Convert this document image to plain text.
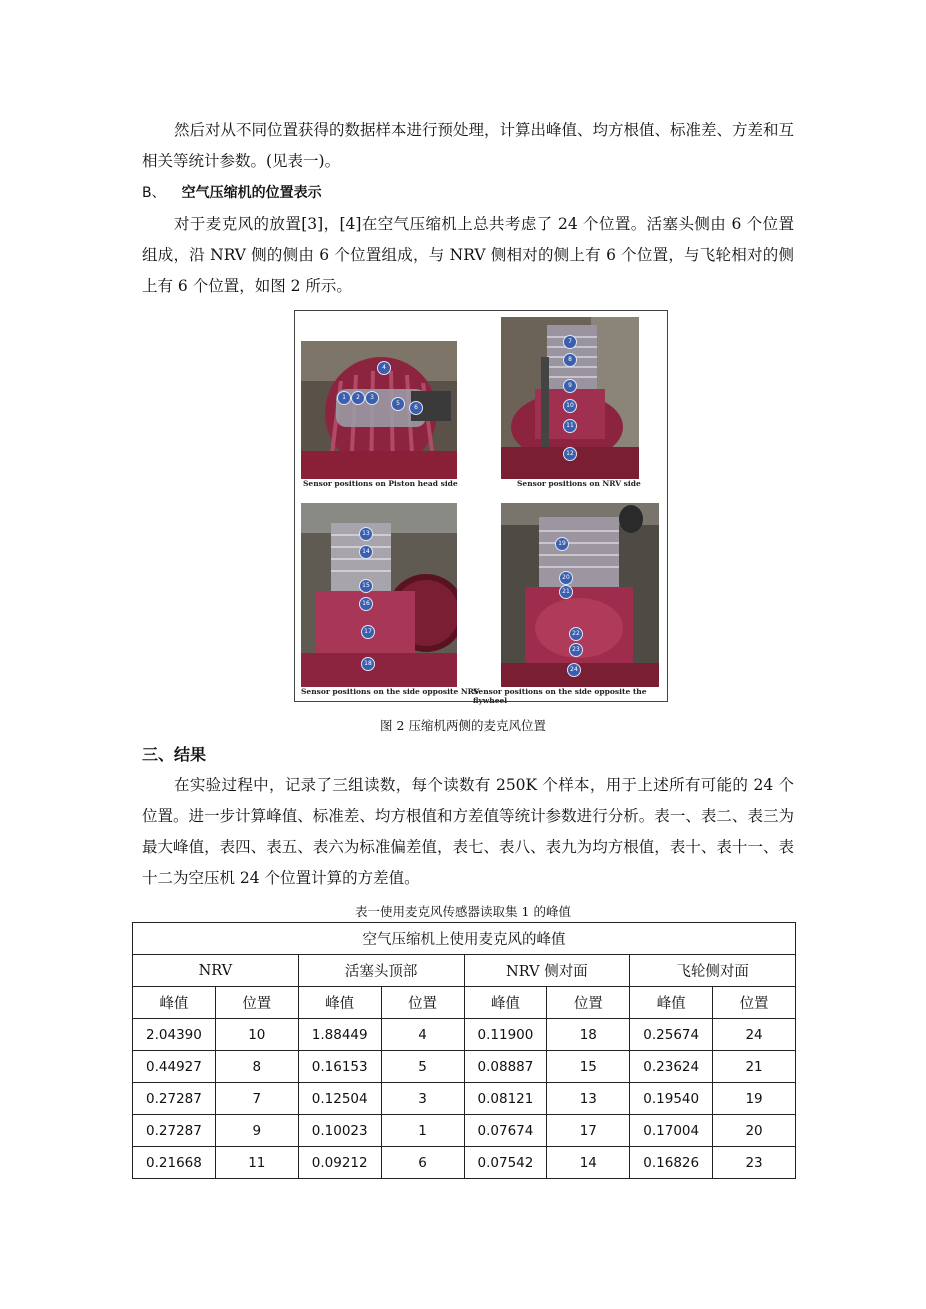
然后对从不同位置获得的数据样本进行预处理，计算出峰值、均方根值、标准差、方差和互相关等统计参数。(见表一)。

B、 空气压缩机的位置表示

对于麦克风的放置[3]，[4]在空气压缩机上总共考虑了 24 个位置。活塞头侧由 6 个位置组成，沿 NRV 侧的侧由 6 个位置组成，与 NRV 侧相对的侧上有 6 个位置，与飞轮相对的侧上有 6 个位置，如图 2 所示。

Sensor positions on Piston head side	Sensor positions on NRV side
Sensor positions on the side opposite NRV
Sensor positions on the side opposite the flywheel
1	2	3
4
5
6
7
8
9
10
11
12
13
14
15
16
17
18
19
20
21
22
23
24
图 2 压缩机两侧的麦克风位置
三、结果

在实验过程中，记录了三组读数，每个读数有 250K 个样本，用于上述所有可能的 24 个位置。进一步计算峰值、标准差、均方根值和方差值等统计参数进行分析。表一、表二、表三为最大峰值，表四、表五、表六为标准偏差值，表七、表八、表九为均方根值，表十、表十一、表十二为空压机 24 个位置计算的方差值。

表一使用麦克风传感器读取集 1 的峰值
空气压缩机上使用麦克风的峰值							
NRV		活塞头顶部		NRV 侧对面		飞轮侧对面	
峰值	位置	峰值	位置	峰值	位置	峰值	位置
2.04390	10	1.88449	4	0.11900	18	0.25674	24
0.44927	8	0.16153	5	0.08887	15	0.23624	21
0.27287	7	0.12504	3	0.08121	13	0.19540	19
0.27287	9	0.10023	1	0.07674	17	0.17004	20
0.21668	11	0.09212	6	0.07542	14	0.16826	23
